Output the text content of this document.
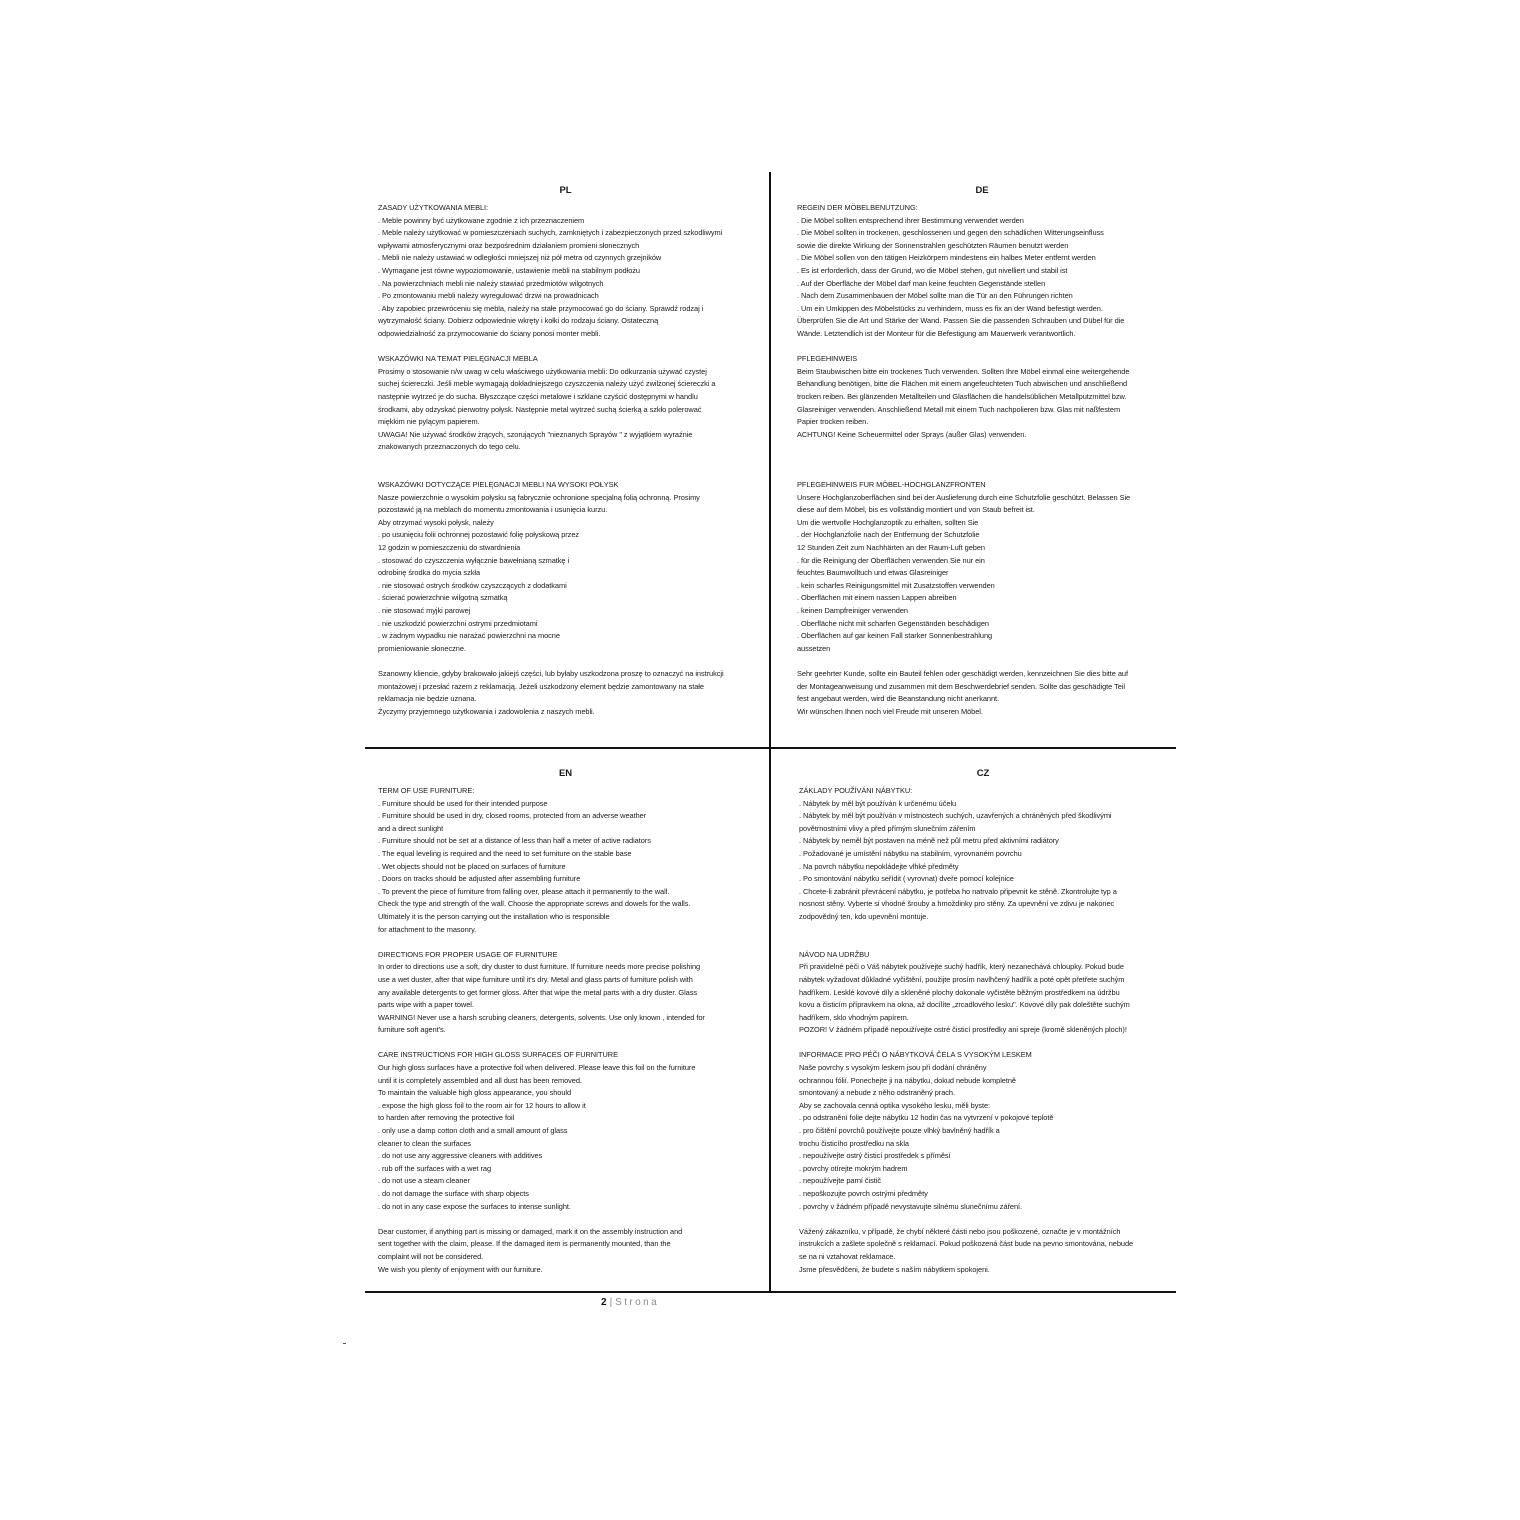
PL
ZASADY UŻYTKOWANIA MEBLI:
. Meble powinny być użytkowane zgodnie z ich przeznaczeniem
. Meble należy użytkować w pomieszczeniach suchych, zamkniętych i zabezpieczonych przed szkodliwymi
wpływami atmosferycznymi oraz bezpośrednim działaniem promieni słonecznych
. Mebli nie należy ustawiać w odległości mniejszej niż pół metra od czynnych grzejników
. Wymagane jest równe wypoziomowanie, ustawienie mebli na stabilnym podłożu
. Na powierzchniach mebli nie należy stawiać przedmiotów wilgotnych
. Po zmontowaniu mebli należy wyregulować drzwi na prowadnicach
. Aby zapobiec przewróceniu się mebla, należy na stałe przymocować go do ściany. Sprawdź rodzaj i
wytrzymałość ściany. Dobierz odpowiednie wkręty i kołki do rodzaju ściany. Ostateczną
odpowiedzialność za przymocowanie do ściany ponosi monter mebli.
WSKAZÓWKI NA TEMAT PIELĘGNACJI MEBLA
Prosimy o stosowanie n/w uwag w celu właściwego użytkowania mebli: Do odkurzania używać czystej
suchej ściereczki. Jeśli meble wymagają dokładniejszego czyszczenia należy użyć zwilżonej ściereczki a
następnie wytrzeć je do sucha. Błyszczące części metalowe i szklane czyścić dostępnymi w handlu
środkami, aby odzyskać pierwotny połysk. Następnie metal wytrzeć suchą ścierką a szkło polerować
miękkim nie pylącym papierem.
UWAGA! Nie używać środków żrących, szorujących "nieznanych Sprayów " z wyjątkiem wyraźnie
znakowanych przeznaczonych do tego celu.

WSKAZÓWKI DOTYCZĄCE PIELĘGNACJI MEBLI NA WYSOKI POŁYSK
Nasze powierzchnie o wysokim połysku są fabrycznie ochronione specjalną folią ochronną. Prosimy
pozostawić ją na meblach do momentu zmontowania i usunięcia kurzu.
Aby otrzymać wysoki połysk, należy
. po usunięciu folii ochronnej pozostawić folię połyskową przez
12 godzin w pomieszczeniu do stwardnienia
. stosować do czyszczenia wyłącznie bawełnianą szmatkę i
odrobinę środka do mycia szkła
. nie stosować ostrych środków czyszczących z dodatkami
. ścierać powierzchnie wilgotną szmatką
. nie stosować myjki parowej
. nie uszkodzić powierzchni ostrymi przedmiotami
. w żadnym wypadku nie narażać powierzchni na mocne
promieniowanie słoneczne.
Szanowny kliencie, gdyby brakowało jakiejś części, lub byłaby uszkodzona proszę to oznaczyć na instrukcji
montażowej i przesłać razem z reklamacją. Jeżeli uszkodzony element będzie zamontowany na stałe
reklamacja nie będzie uznana.
Życzymy przyjemnego użytkowania i zadowolenia z naszych mebli.
DE
REGEIN DER MÖBELBENUTZUNG:
. Die Möbel sollten entsprechend ihrer Bestimmung verwendet werden
. Die Möbel sollten in trockenen, geschlossenen und gegen den schädlichen Witterungseinfluss
sowie die direkte Wirkung der Sonnenstrahlen geschützten Räumen benutzt werden
. Die Möbel sollen von den tätigen Heizkörpern mindestens ein halbes Meter entfernt werden
. Es ist erforderlich, dass der Grund, wo die Möbel stehen, gut nivelliert und stabil ist
. Auf der Oberfläche der Möbel darf man keine feuchten Gegenstände stellen
. Nach dem Zusammenbauen der Möbel sollte man die Tür an den Führungen richten
. Um ein Umkippen des Möbelstücks zu verhindern, muss es fix an der Wand befestigt werden.
Überprüfen Sie die Art und Stärke der Wand. Passen Sie die passenden Schrauben und Dübel für die
Wände. Letztendlich ist der Monteur für die Befestigung am Mauerwerk verantwortlich.
PFLEGEHINWEIS
Beim Staubwischen bitte ein trockenes Tuch verwenden. Sollten Ihre Möbel einmal eine weitergehende
Behandlung benötigen, bitte die Flächen mit einem angefeuchteten Tuch abwischen und anschließend
trocken reiben. Bei glänzenden Metallteilen und Glasflächen die handelsüblichen Metallputzmittel bzw.
Glasreiniger verwenden. Anschließend Metall mit einem Tuch nachpolieren bzw. Glas mit naßfestem
Papier trocken reiben.
ACHTUNG! Keine Scheuermittel oder Sprays (außer Glas) verwenden.

PFLEGEHINWEIS FUR MÖBEL-HOCHGLANZFRONTEN
Unsere Hochglanzoberflächen sind bei der Auslieferung durch eine Schutzfolie geschützt. Belassen Sie
diese auf dem Möbel, bis es vollständig montiert und von Staub befreit ist.
Um die wertvolle Hochglanzoptik zu erhalten, sollten Sie
. der Hochglanzfolie nach der Entfernung der Schutzfolie
12 Stunden Zeit zum Nachhärten an der Raum-Luft geben
. für die Reinigung der Oberflächen verwenden Sie nur ein
feuchtes Baumwolltuch und etwas Glasreiniger
. kein scharfes Reinigungsmittel mit Zusatzstoffen verwenden
. Oberflächen mit einem nassen Lappen abreiben
. keinen Dampfreiniger verwenden
. Oberfläche nicht mit scharfen Gegenständen beschädigen
. Oberflächen auf gar keinen Fall starker Sonnenbestrahlung
aussetzen
Sehr geehrter Kunde, sollte ein Bauteil fehlen oder geschädigt werden, kennzeichnen Sie dies bitte auf
der Montageanweisung und zusammen mit dem Beschwerdebrief senden. Sollte das geschädigte Teil
fest angebaut werden, wird die Beanstandung nicht anerkannt.
Wir wünschen Ihnen noch viel Freude mit unseren Möbel.
EN
TERM OF USE FURNITURE:
. Furniture should be used for their intended purpose
. Furniture should be used in dry, closed rooms, protected from an adverse weather
and a direct sunlight
. Furniture should not be set at a distance of less than half a meter of active radiators
. The equal leveling is required and the need to set furniture on the stable base
. Wet objects should not be placed on surfaces of furniture
. Doors on tracks should be adjusted after assembling furniture
. To prevent the piece of furniture from falling over, please attach it permanently to the wall.
Check the type and strength of the wall. Choose the appropriate screws and dowels for the walls.
Ultimately it is the person carrying out the installation who is responsible
for attachment to the masonry.
DIRECTIONS FOR PROPER USAGE OF FURNITURE
In order to directions use a soft, dry duster to dust furniture. If furniture needs more precise polishing
use a wet duster, after that wipe furniture until it's dry. Metal and glass parts of furniture polish with
any available detergents to get former gloss. After that wipe the metal parts with a dry duster. Glass
parts wipe with a paper towel.
WARNING! Never use a harsh scrubing cleaners, detergents, solvents. Use only known , intended for
furniture soft agent's.
CARE INSTRUCTIONS FOR HIGH GLOSS SURFACES OF FURNITURE
Our high gloss surfaces have a protective foil when delivered. Please leave this foil on the furniture
until it is completely assembled and all dust has been removed.
To maintain the valuable high gloss appearance, you should
. expose the high gloss foil to the room air for 12 hours to allow it
to harden after removing the protective foil
. only use a damp cotton cloth and a small amount of glass
cleaner to clean the surfaces
. do not use any aggressive cleaners with additives
. rub off the surfaces with a wet rag
. do not use a steam cleaner
. do not damage the surface with sharp objects
. do not in any case expose the surfaces to intense sunlight.
Dear customer, if anything part is missing or damaged, mark it on the assembly instruction and
sent together with the claim, please. If the damaged item is permanently mounted, than the
complaint will not be considered.
We wish you plenty of enjoyment with our furniture.
CZ
ZÁKLADY POUŽÍVÁNI NÁBYTKU:
. Nábytek by měl být používán k určenému účelu
. Nábytek by měl být používán v místnostech suchých, uzavřených a chráněných před škodlivými
povětrnostními vlivy a před přímým slunečním zářením
. Nábytek by neměl být postaven na méně než půl metru před aktivními radiátory
. Požadované je umístění nábytku na stabilním, vyrovnaném povrchu
. Na povrch nábytku nepokládejte vlhké předměty
. Po smontování nábytku seřídit ( vyrovnat) dveře pomocí kolejnice
. Chcete-li zabránit převrácení nábytku, je potřeba ho natrvalo připevnit ke stěně. Zkontrolujte typ a
nosnost stěny. Vyberte si vhodné šrouby a hmoždinky pro stěny. Za upevnění ve zdivu je nakonec
zodpovědný ten, kdo upevnění montuje.

NÁVOD NA UDRŽBU
Při pravidelné péči o Váš nábytek používejte suchý hadřík, který nezanechává chloupky. Pokud bude
nábytek vyžadovat důkladné vyčištění, použijte prosím navlhčený hadřík a poté opět přetřete suchým
hadříkem. Lesklé kovové díly a skleněné plochy dokonale vyčistěte běžným prostředkem na údržbu
kovu a čisticím přípravkem na okna, až docílíte „zrcadlového lesku". Kovové díly pak doleštěte suchým
hadříkem, sklo vhodným papírem.
POZOR! V žádném případě nepoužívejte ostré čisticí prostředky ani spreje (kromě skleněných ploch)!
INFORMACE PRO PÉČI O NÁBYTKOVÁ ČELA S VYSOKÝM LESKEM
Naše povrchy s vysokým leskem jsou při dodání chráněny
ochrannou fólií. Ponechejte ji na nábytku, dokud nebude kompletně
smontovaný a nebude z něho odstraněný prach.
Aby se zachovala cenná optika vysokého lesku, měli byste:
. po odstranění folie dejte nábytku 12 hodin čas na vytvrzení v pokojové teplotě
. pro čištění povrchů používejte pouze vlhký bavlněný hadřík a
trochu čisticího prostředku na skla
. nepoužívejte ostrý čisticí prostředek s příměsí
. povrchy otírejte mokrým hadrem
. nepoužívejte parní čistič
. nepoškozujte povrch ostrými předměty
. povrchy v žádném případě nevystavujte silnému slunečnímu záření.
Vážený zákazníku, v případě, že chybí některé části nebo jsou poškozené, označte je v montážních
instrukcích a zašlete společně s reklamací. Pokud poškozená část bude na pevno smontována, nebude
se na ni vztahovat reklamace.
Jsme přesvědčeni, že budete s naším nábytkem spokojeni.
2 | Strona
